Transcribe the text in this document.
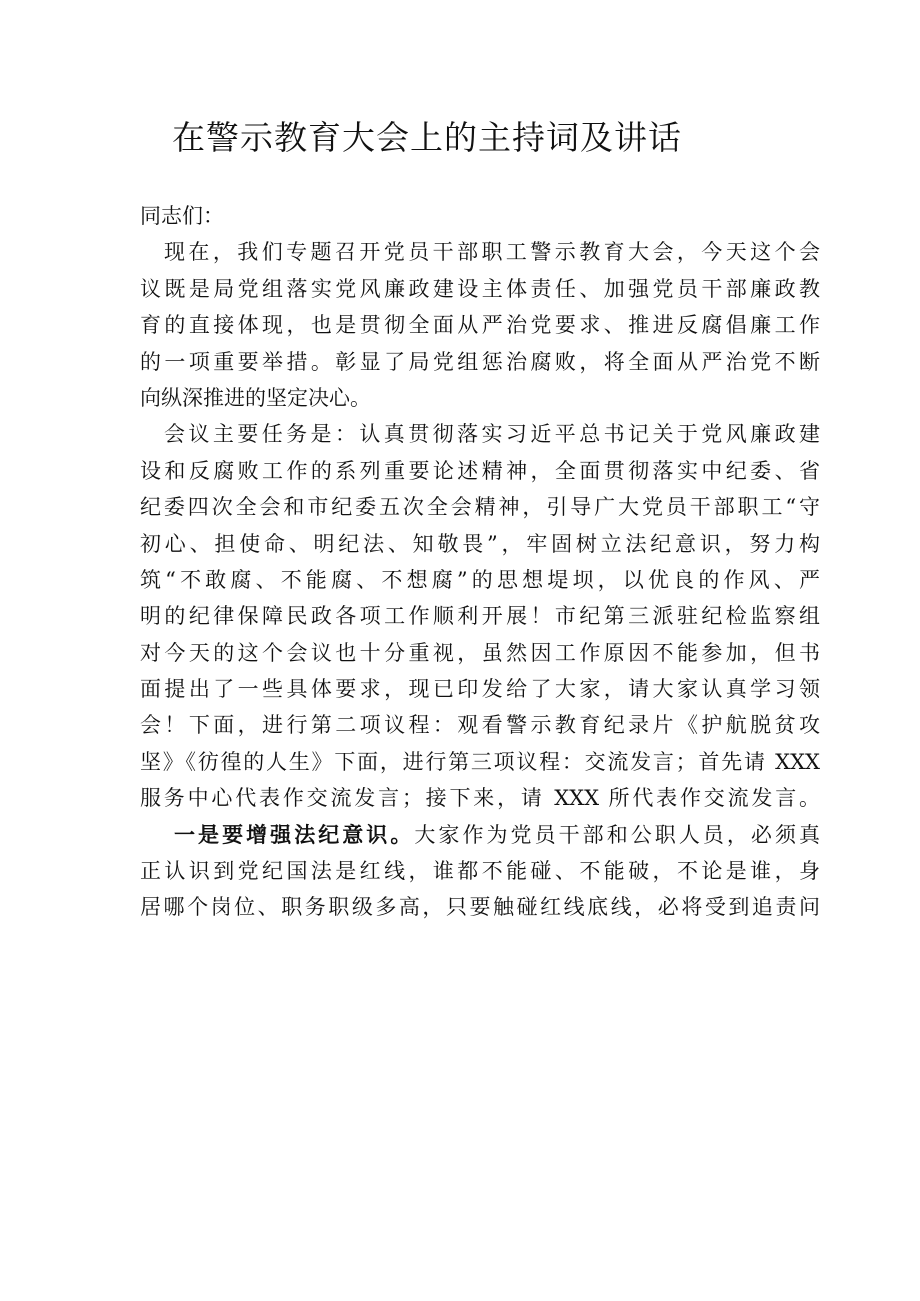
在警示教育大会上的主持词及讲话
同志们：
现在，我们专题召开党员干部职工警示教育大会，今天这个会
议既是局党组落实党风廉政建设主体责任、加强党员干部廉政教
育的直接体现，也是贯彻全面从严治党要求、推进反腐倡廉工作
的一项重要举措。彰显了局党组惩治腐败，将全面从严治党不断
向纵深推进的坚定决心。
会议主要任务是：认真贯彻落实习近平总书记关于党风廉政建
设和反腐败工作的系列重要论述精神，全面贯彻落实中纪委、省
纪委四次全会和市纪委五次全会精神，引导广大党员干部职工“守
初心、担使命、明纪法、知敬畏”，牢固树立法纪意识，努力构
筑“不敢腐、不能腐、不想腐”的思想堤坝，以优良的作风、严
明的纪律保障民政各项工作顺利开展！市纪第三派驻纪检监察组
对今天的这个会议也十分重视，虽然因工作原因不能参加，但书
面提出了一些具体要求，现已印发给了大家，请大家认真学习领
会！下面，进行第二项议程：观看警示教育纪录片《护航脱贫攻
坚》《彷徨的人生》下面，进行第三项议程：交流发言；首先请 XXX
服务中心代表作交流发言；接下来，请 XXX 所代表作交流发言。
一是要增强法纪意识。大家作为党员干部和公职人员，必须真
正认识到党纪国法是红线，谁都不能碰、不能破，不论是谁，身
居哪个岗位、职务职级多高，只要触碰红线底线，必将受到追责问
